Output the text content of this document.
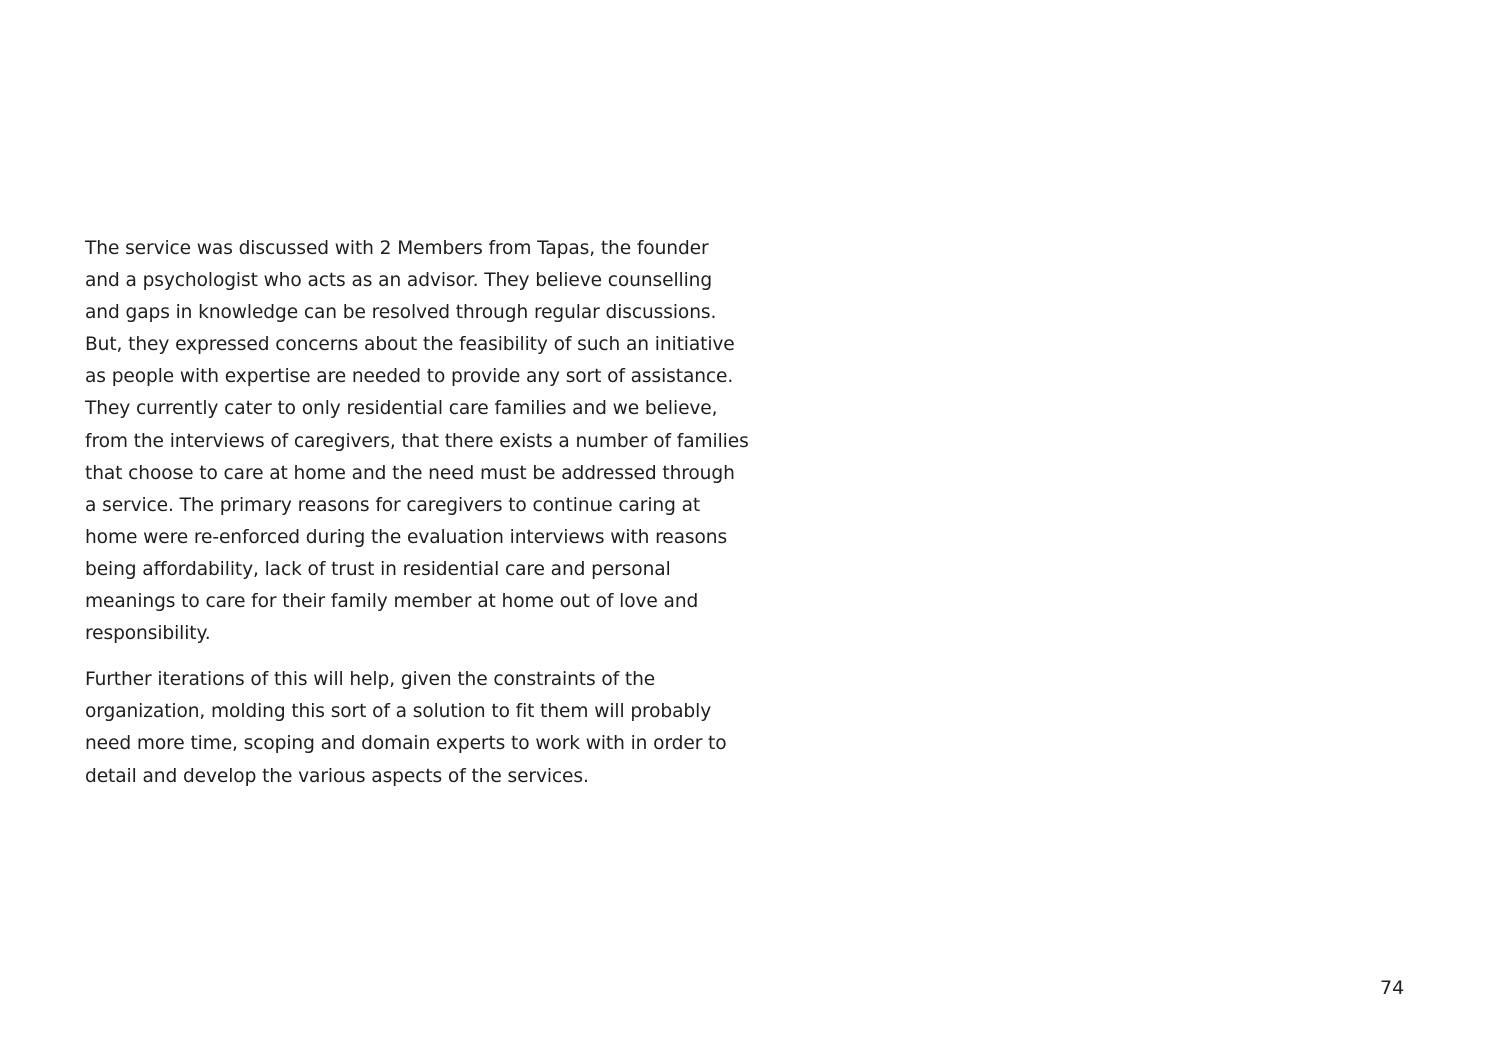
The service was discussed with 2 Members from Tapas, the founder
and a psychologist who acts as an advisor. They believe counselling
and gaps in knowledge can be resolved through regular discussions.
But, they expressed concerns about the feasibility of such an initiative
as people with expertise are needed to provide any sort of assistance.
They currently cater to only residential care families and we believe,
from the interviews of caregivers, that there exists a number of families
that choose to care at home and the need must be addressed through
a service. The primary reasons for caregivers to continue caring at
home were re-enforced during the evaluation interviews with reasons
being affordability, lack of trust in residential care and personal
meanings to care for their family member at home out of love and
responsibility.

Further iterations of this will help, given the constraints of the
organization, molding this sort of a solution to fit them will probably
need more time, scoping and domain experts to work with in order to
detail and develop the various aspects of the services.

74
